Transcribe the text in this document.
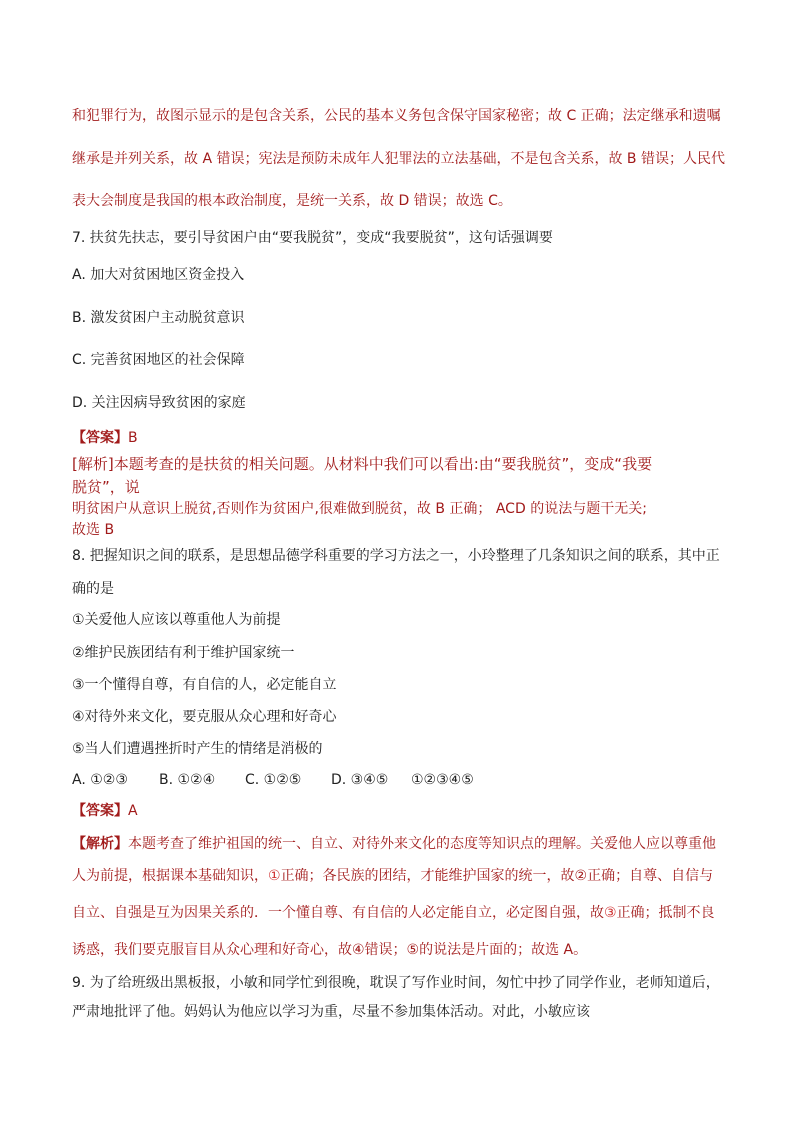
和犯罪行为，故图示显示的是包含关系，公民的基本义务包含保守国家秘密；故 C 正确；法定继承和遗嘱
继承是并列关系，故 A 错误；宪法是预防未成年人犯罪法的立法基础，不是包含关系，故 B 错误；人民代
表大会制度是我国的根本政治制度，是统一关系，故 D 错误；故选 C。
7. 扶贫先扶志，要引导贫困户由“要我脱贫”，变成“我要脱贫”，这句话强调要
A. 加大对贫困地区资金投入
B. 激发贫困户主动脱贫意识
C. 完善贫困地区的社会保障
D. 关注因病导致贫困的家庭
【答案】B
[解析]本题考查的是扶贫的相关问题。从材料中我们可以看出:由“要我脱贫”，变成“我要
脱贫”，说
明贫困户从意识上脱贫,否则作为贫困户,很难做到脱贫，故 B 正确； ACD 的说法与题干无关;
故选 B
8. 把握知识之间的联系，是思想品德学科重要的学习方法之一，小玲整理了几条知识之间的联系，其中正
确的是
①关爱他人应该以尊重他人为前提
②维护民族团结有利于维护国家统一
③一个懂得自尊，有自信的人，必定能自立
④对待外来文化，要克服从众心理和好奇心
⑤当人们遭遇挫折时产生的情绪是消极的
A. ①②③ B. ①②④ C. ①②⑤ D. ③④⑤ ①②③④⑤
【答案】A
【解析】本题考查了维护祖国的统一、自立、对待外来文化的态度等知识点的理解。关爱他人应以尊重他
人为前提，根据课本基础知识，①正确；各民族的团结，才能维护国家的统一，故②正确；自尊、自信与
自立、自强是互为因果关系的．一个懂自尊、有自信的人必定能自立，必定图自强，故③正确；抵制不良
诱惑，我们要克服盲目从众心理和好奇心，故④错误；⑤的说法是片面的；故选 A。
9. 为了给班级出黑板报，小敏和同学忙到很晚，耽误了写作业时间，匆忙中抄了同学作业，老师知道后，
严肃地批评了他。妈妈认为他应以学习为重，尽量不参加集体活动。对此，小敏应该
